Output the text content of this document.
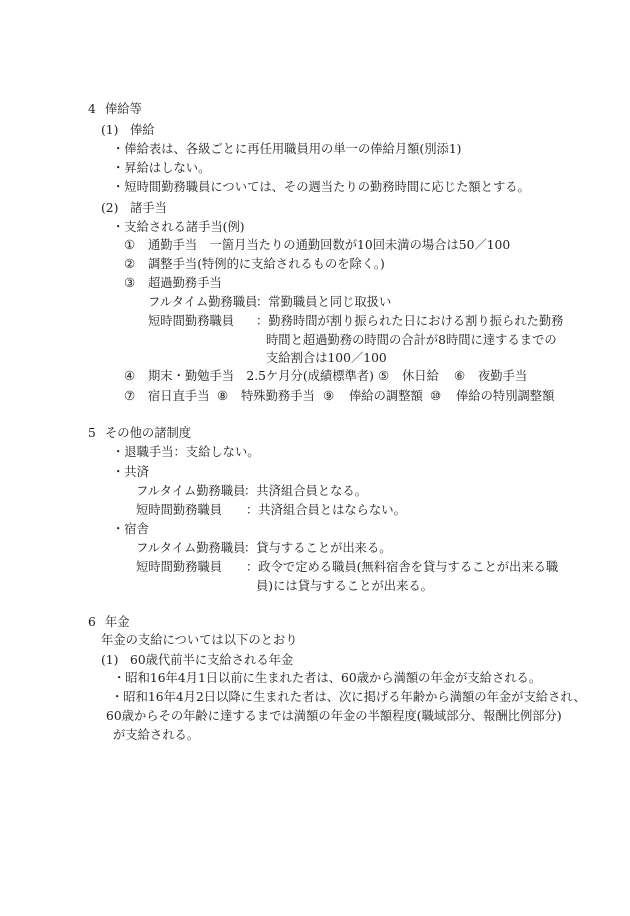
4 俸給等
(1) 俸給
・俸給表は、各級ごとに再任用職員用の単一の俸給月額(別添1)
・昇給はしない。
・短時間勤務職員については、その週当たりの勤務時間に応じた額とする。
(2) 諸手当
・支給される諸手当(例)
① 通勤手当　一箇月当たりの通勤回数が10回未満の場合は50／100
② 調整手当(特例的に支給されるものを除く。)
③ 超過勤務手当
フルタイム勤務職員
：常勤職員と同じ取扱い
短時間勤務職員 ：勤務時間が割り振られた日における割り振られた勤務
時間と超過勤務の時間の合計が8時間に達するまでの
支給割合は100／100
④ 期末・勤勉手当　2.5ケ月分(成績標準者) ⑤ 休日給 ⑥ 夜勤手当
⑦ 宿日直手当 ⑧ 特殊勤務手当 ⑨ 俸給の調整額 ⑩ 俸給の特別調整額
5 その他の諸制度
・退職手当：支給しない。
・共済
フルタイム勤務職員
：共済組合員となる。
短時間勤務職員 ：共済組合員とはならない。
・宿舎
フルタイム勤務職員
：貸与することが出来る。
短時間勤務職員 ：政令で定める職員(無料宿舎を貸与することが出来る職
員)には貸与することが出来る。
6 年金
年金の支給については以下のとおり
(1) 60歳代前半に支給される年金
・昭和16年4月1日以前に生まれた者は、60歳から満額の年金が支給される。
・昭和16年4月2日以降に生まれた者は、次に掲げる年齢から満額の年金が支給され、
60歳からその年齢に達するまでは満額の年金の半額程度(職域部分、報酬比例部分)
が支給される。
